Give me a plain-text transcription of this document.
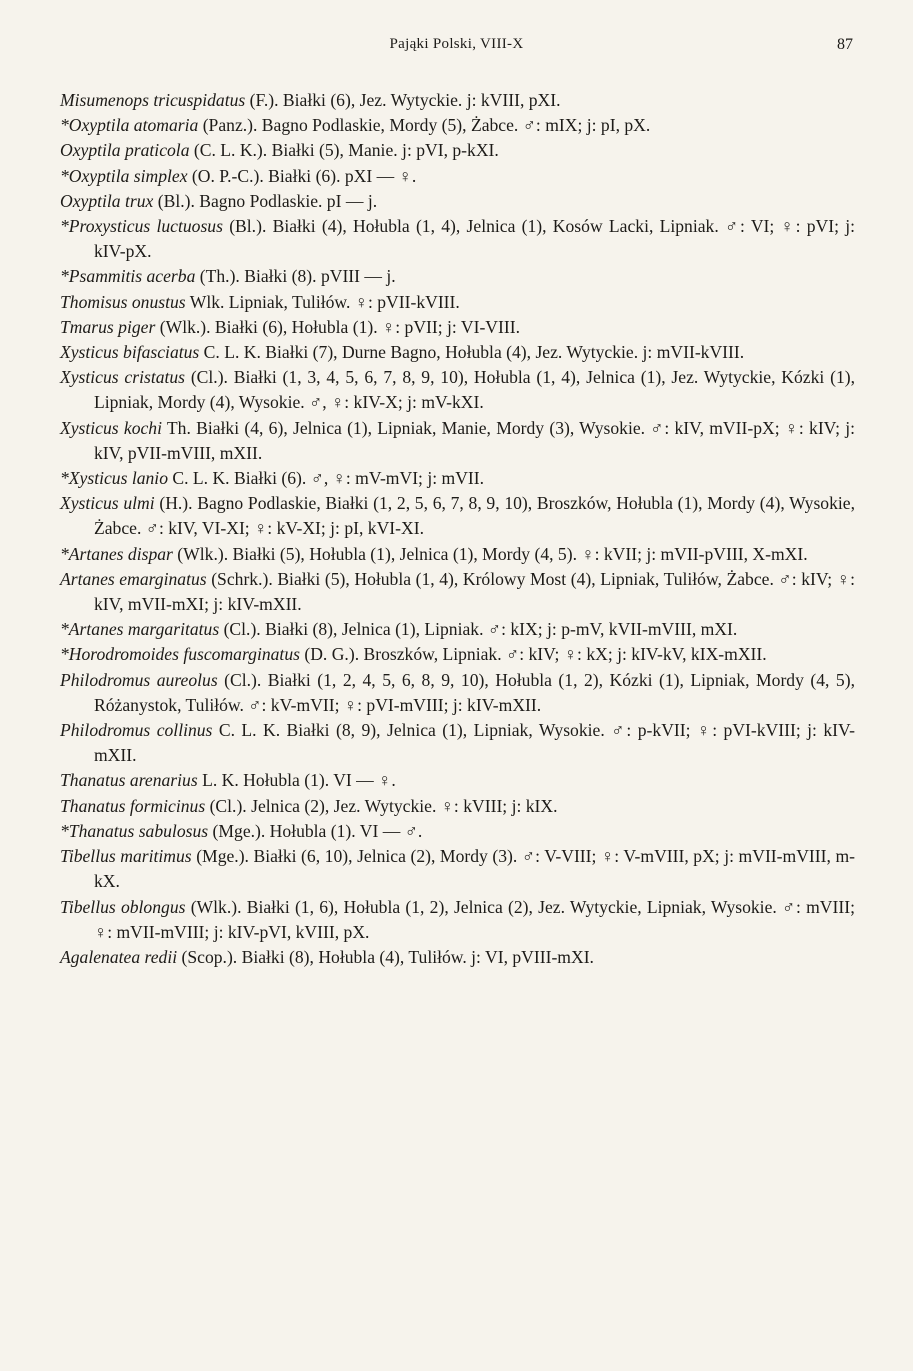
Pająki Polski, VIII-X	87

Misumenops tricuspidatus (F.). Białki (6), Jez. Wytyckie. j: kVIII, pXI.

*Oxyptila atomaria (Panz.). Bagno Podlaskie, Mordy (5), Żabce. ♂: mIX; j: pI, pX.

Oxyptila praticola (C. L. K.). Białki (5), Manie. j: pVI, p-kXI.

*Oxyptila simplex (O. P.-C.). Białki (6). pXI — ♀.

Oxyptila trux (Bl.). Bagno Podlaskie. pI — j.

*Proxysticus luctuosus (Bl.). Białki (4), Hołubla (1, 4), Jelnica (1), Kosów Lacki, Lipniak. ♂: VI; ♀: pVI; j: kIV-pX.

*Psammitis acerba (Th.). Białki (8). pVIII — j.

Thomisus onustus Wlk. Lipniak, Tuliłów. ♀: pVII-kVIII.

Tmarus piger (Wlk.). Białki (6), Hołubla (1). ♀: pVII; j: VI-VIII.

Xysticus bifasciatus C. L. K. Białki (7), Durne Bagno, Hołubla (4), Jez. Wytyckie. j: mVII-kVIII.

Xysticus cristatus (Cl.). Białki (1, 3, 4, 5, 6, 7, 8, 9, 10), Hołubla (1, 4), Jelnica (1), Jez. Wytyckie, Kózki (1), Lipniak, Mordy (4), Wysokie. ♂, ♀: kIV-X; j: mV-kXI.

Xysticus kochi Th. Białki (4, 6), Jelnica (1), Lipniak, Manie, Mordy (3), Wysokie. ♂: kIV, mVII-pX; ♀: kIV; j: kIV, pVII-mVIII, mXII.

*Xysticus lanio C. L. K. Białki (6). ♂, ♀: mV-mVI; j: mVII.

Xysticus ulmi (H.). Bagno Podlaskie, Białki (1, 2, 5, 6, 7, 8, 9, 10), Broszków, Hołubla (1), Mordy (4), Wysokie, Żabce. ♂: kIV, VI-XI; ♀: kV-XI; j: pI, kVI-XI.

*Artanes dispar (Wlk.). Białki (5), Hołubla (1), Jelnica (1), Mordy (4, 5). ♀: kVII; j: mVII-pVIII, X-mXI.

Artanes emarginatus (Schrk.). Białki (5), Hołubla (1, 4), Królowy Most (4), Lipniak, Tuliłów, Żabce. ♂: kIV; ♀: kIV, mVII-mXI; j: kIV-mXII.

*Artanes margaritatus (Cl.). Białki (8), Jelnica (1), Lipniak. ♂: kIX; j: p-mV, kVII-mVIII, mXI.

*Horodromoides fuscomarginatus (D. G.). Broszków, Lipniak. ♂: kIV; ♀: kX; j: kIV-kV, kIX-mXII.

Philodromus aureolus (Cl.). Białki (1, 2, 4, 5, 6, 8, 9, 10), Hołubla (1, 2), Kózki (1), Lipniak, Mordy (4, 5), Różanystok, Tuliłów. ♂: kV-mVII; ♀: pVI-mVIII; j: kIV-mXII.

Philodromus collinus C. L. K. Białki (8, 9), Jelnica (1), Lipniak, Wysokie. ♂: p-kVII; ♀: pVI-kVIII; j: kIV-mXII.

Thanatus arenarius L. K. Hołubla (1). VI — ♀.

Thanatus formicinus (Cl.). Jelnica (2), Jez. Wytyckie. ♀: kVIII; j: kIX.

*Thanatus sabulosus (Mge.). Hołubla (1). VI — ♂.

Tibellus maritimus (Mge.). Białki (6, 10), Jelnica (2), Mordy (3). ♂: V-VIII; ♀: V-mVIII, pX; j: mVII-mVIII, m-kX.

Tibellus oblongus (Wlk.). Białki (1, 6), Hołubla (1, 2), Jelnica (2), Jez. Wytyckie, Lipniak, Wysokie. ♂: mVIII; ♀: mVII-mVIII; j: kIV-pVI, kVIII, pX.

Agalenatea redii (Scop.). Białki (8), Hołubla (4), Tuliłów. j: VI, pVIII-mXI.
